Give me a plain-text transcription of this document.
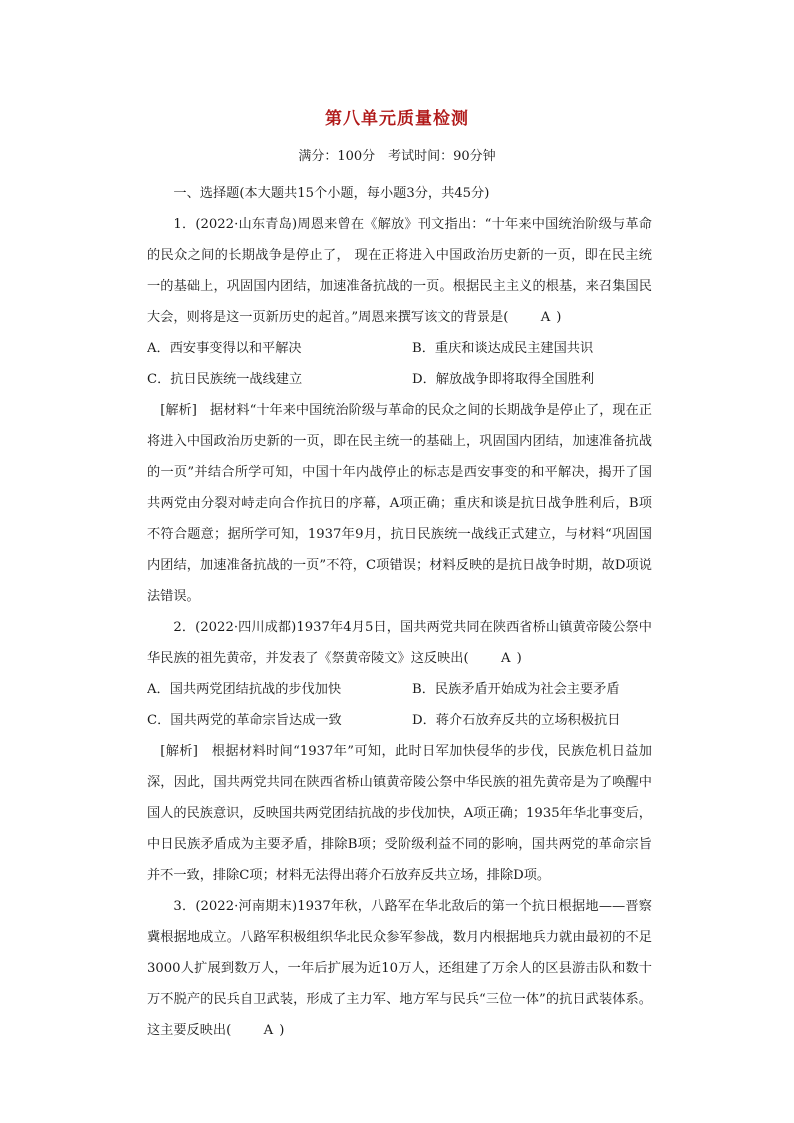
第八单元质量检测
满分：100分　考试时间：90分钟

一、选择题(本大题共15个小题，每小题3分，共45分)

1．(2022·山东青岛)周恩来曾在《解放》刊文指出：“十年来中国统治阶级与革命的民众之间的长期战争是停止了， 现在正将进入中国政治历史新的一页，即在民主统一的基础上，巩固国内团结，加速准备抗战的一页。根据民主主义的根基，来召集国民大会，则将是这一页新历史的起首。”周恩来撰写该文的背景是( A )

A．西安事变得以和平解决	B．重庆和谈达成民主建国共识
C．抗日民族统一战线建立	D．解放战争即将取得全国胜利

[解析]　据材料“十年来中国统治阶级与革命的民众之间的长期战争是停止了，现在正将进入中国政治历史新的一页，即在民主统一的基础上，巩固国内团结，加速准备抗战的一页”并结合所学可知，中国十年内战停止的标志是西安事变的和平解决，揭开了国共两党由分裂对峙走向合作抗日的序幕，A项正确；重庆和谈是抗日战争胜利后，B项不符合题意；据所学可知，1937年9月，抗日民族统一战线正式建立，与材料“巩固国内团结，加速准备抗战的一页”不符，C项错误；材料反映的是抗日战争时期，故D项说法错误。

2．(2022·四川成都)1937年4月5日，国共两党共同在陕西省桥山镇黄帝陵公祭中华民族的祖先黄帝，并发表了《祭黄帝陵文》这反映出( A )

A．国共两党团结抗战的步伐加快	B．民族矛盾开始成为社会主要矛盾
C．国共两党的革命宗旨达成一致	D．蒋介石放弃反共的立场积极抗日

[解析]　根据材料时间“1937年”可知，此时日军加快侵华的步伐，民族危机日益加深，因此，国共两党共同在陕西省桥山镇黄帝陵公祭中华民族的祖先黄帝是为了唤醒中国人的民族意识，反映国共两党团结抗战的步伐加快，A项正确；1935年华北事变后，中日民族矛盾成为主要矛盾，排除B项；受阶级利益不同的影响，国共两党的革命宗旨并不一致，排除C项；材料无法得出蒋介石放弃反共立场，排除D项。

3．(2022·河南期末)1937年秋，八路军在华北敌后的第一个抗日根据地——晋察冀根据地成立。八路军积极组织华北民众参军参战，数月内根据地兵力就由最初的不足3000人扩展到数万人，一年后扩展为近10万人，还组建了万余人的区县游击队和数十万不脱产的民兵自卫武装，形成了主力军、地方军与民兵“三位一体”的抗日武装体系。这主要反映出( A )
